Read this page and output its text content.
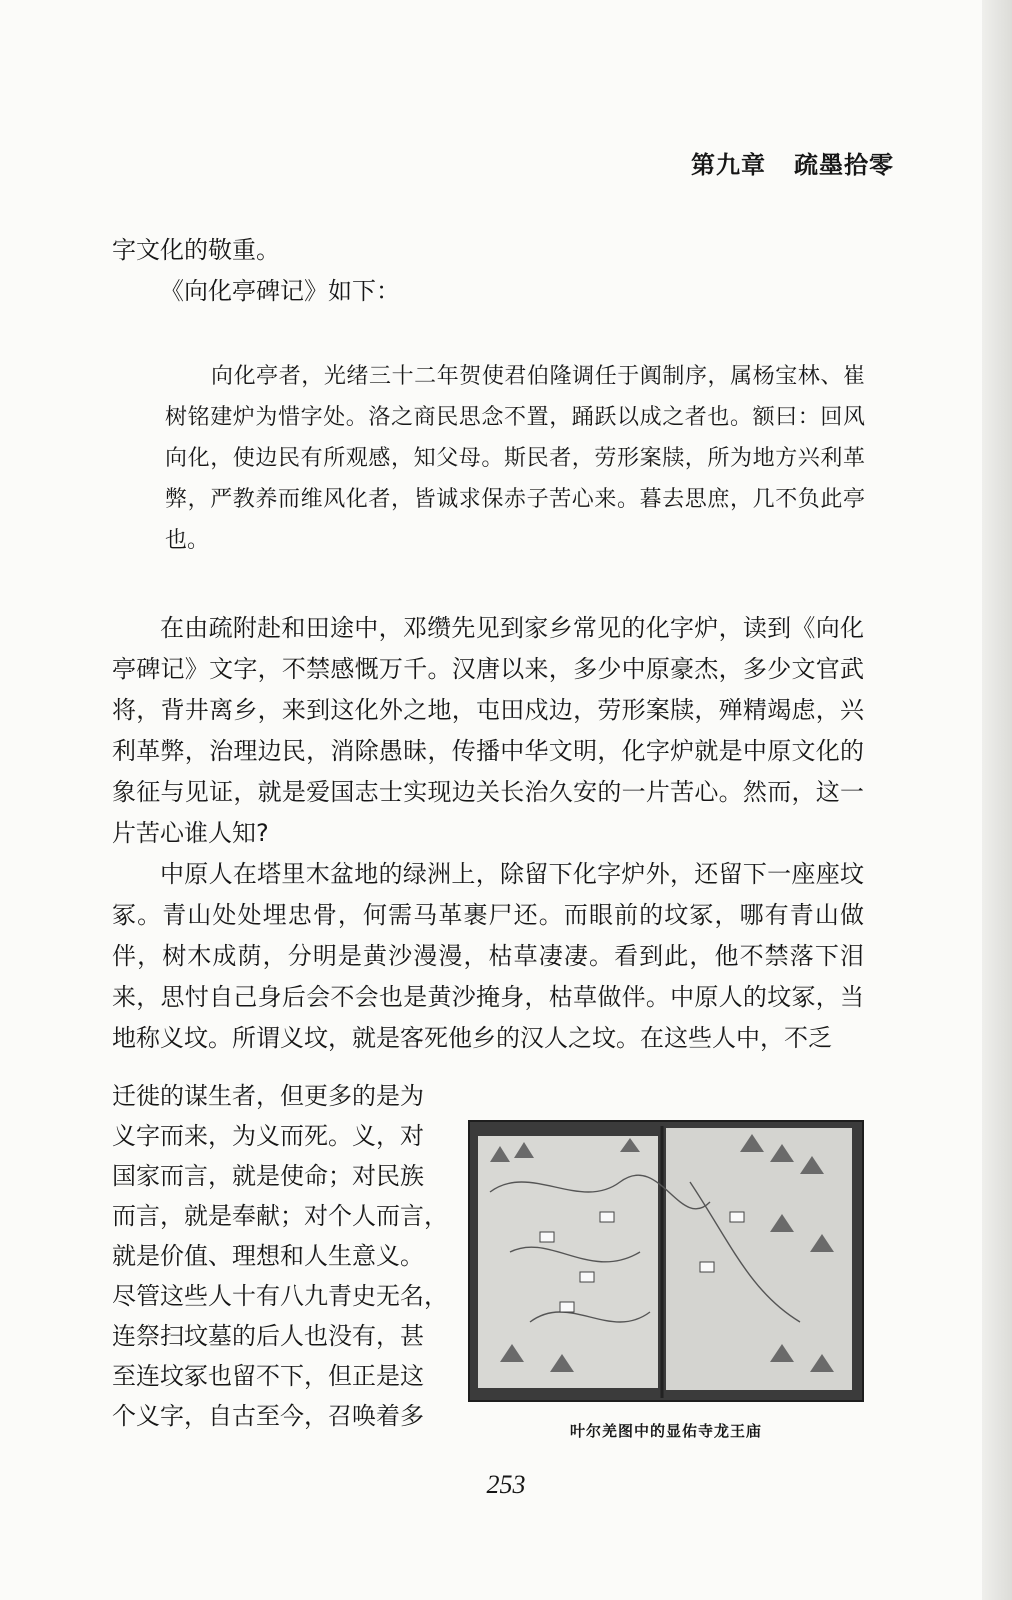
第九章 疏墨拾零

字文化的敬重。

《向化亭碑记》如下：

向化亭者，光绪三十二年贺使君伯隆调任于阗制序，属杨宝林、崔树铭建炉为惜字处。洛之商民思念不置，踊跃以成之者也。额曰：回风向化，使边民有所观感，知父母。斯民者，劳形案牍，所为地方兴利革弊，严教养而维风化者，皆诚求保赤子苦心来。暮去思庶，几不负此亭也。

在由疏附赴和田途中，邓缵先见到家乡常见的化字炉，读到《向化亭碑记》文字，不禁感慨万千。汉唐以来，多少中原豪杰，多少文官武将，背井离乡，来到这化外之地，屯田戍边，劳形案牍，殚精竭虑，兴利革弊，治理边民，消除愚昧，传播中华文明，化字炉就是中原文化的象征与见证，就是爱国志士实现边关长治久安的一片苦心。然而，这一片苦心谁人知?

中原人在塔里木盆地的绿洲上，除留下化字炉外，还留下一座座坟冢。青山处处埋忠骨，何需马革裹尸还。而眼前的坟冢，哪有青山做伴，树木成荫，分明是黄沙漫漫，枯草凄凄。看到此，他不禁落下泪来，思忖自己身后会不会也是黄沙掩身，枯草做伴。中原人的坟冢，当地称义坟。所谓义坟，就是客死他乡的汉人之坟。在这些人中，不乏

迁徙的谋生者，但更多的是为
义字而来，为义而死。义，对
国家而言，就是使命；对民族
而言，就是奉献；对个人而言，
就是价值、理想和人生意义。
尽管这些人十有八九青史无名，
连祭扫坟墓的后人也没有，甚
至连坟冢也留不下，但正是这
个义字，自古至今，召唤着多
叶尔羌图中的显佑寺龙王庙
253
